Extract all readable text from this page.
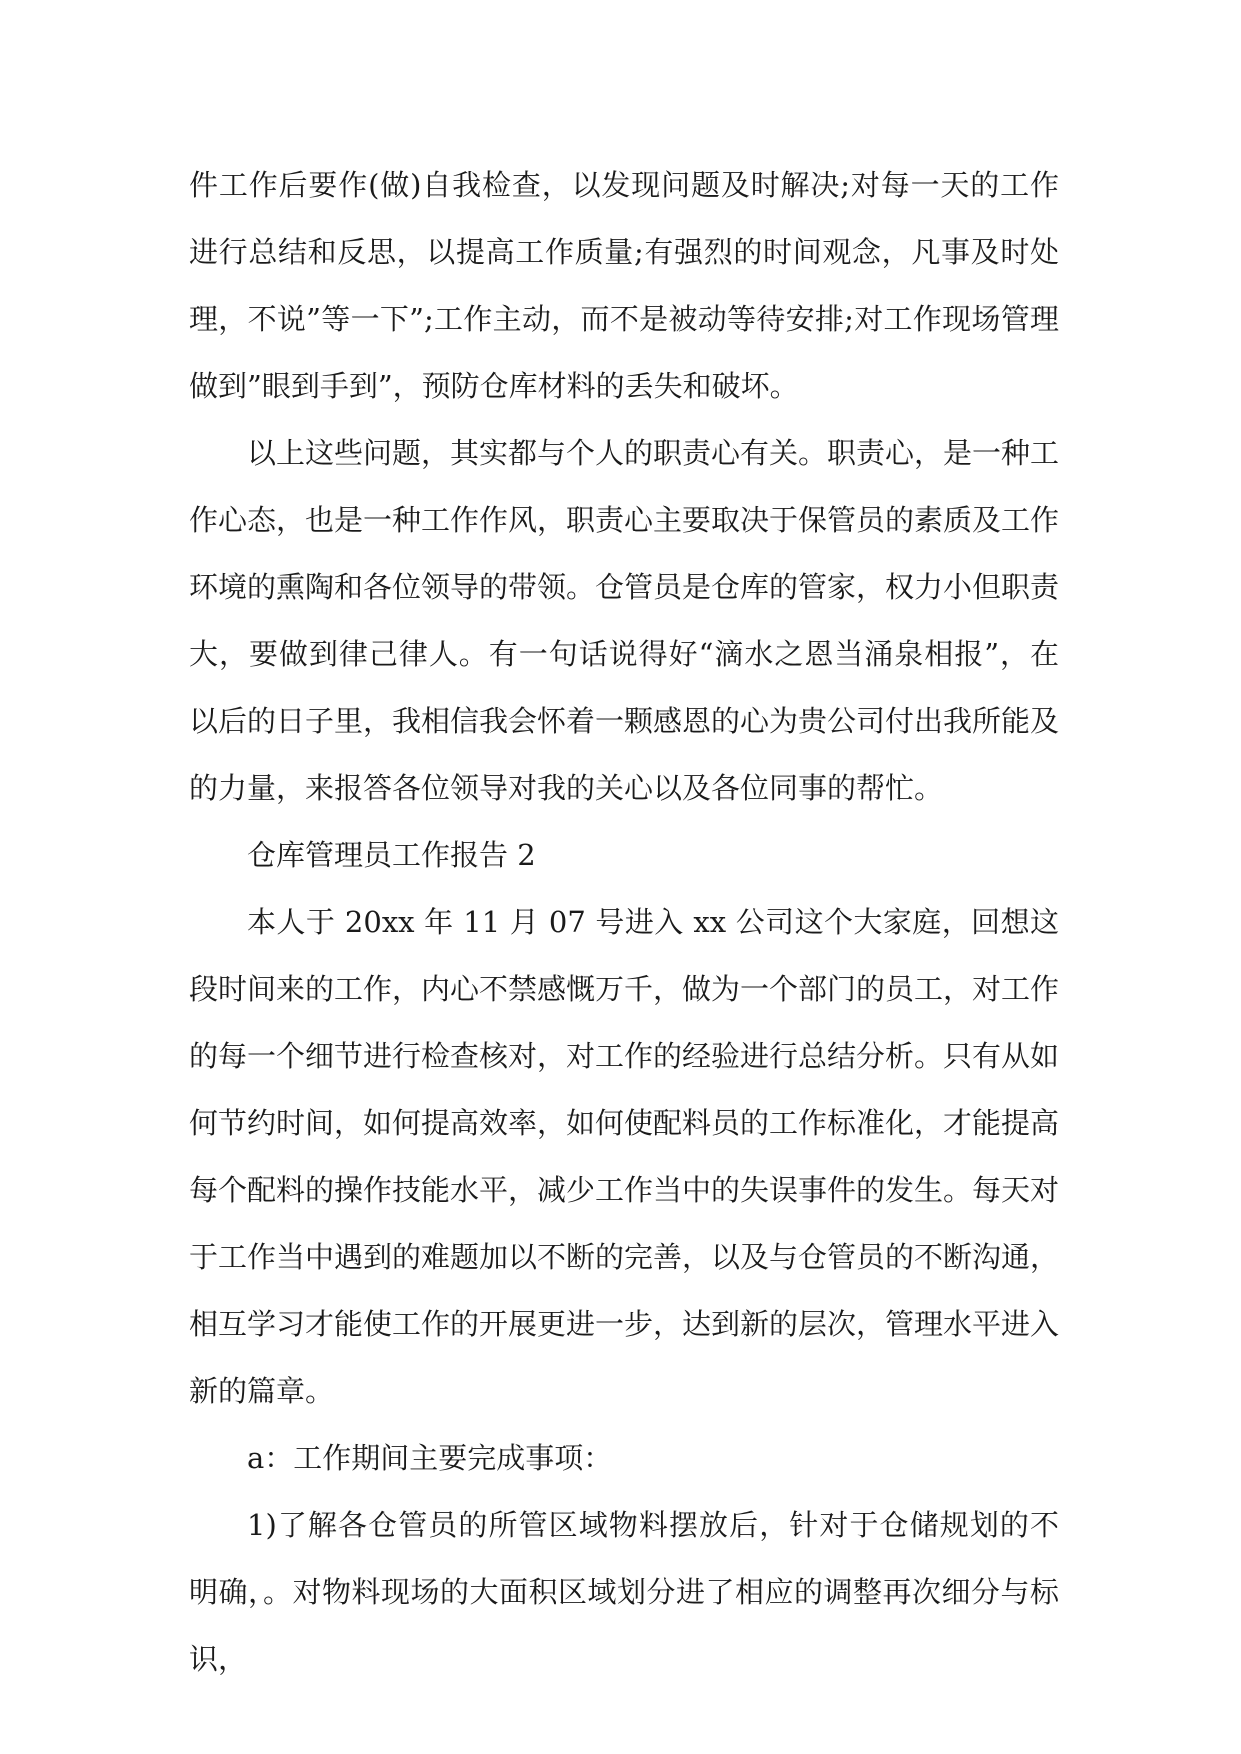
件工作后要作(做)自我检查，以发现问题及时解决;对每一天的工作进行总结和反思，以提高工作质量;有强烈的时间观念，凡事及时处理，不说”等一下”;工作主动，而不是被动等待安排;对工作现场管理做到”眼到手到”，预防仓库材料的丢失和破坏。

以上这些问题，其实都与个人的职责心有关。职责心，是一种工作心态，也是一种工作作风，职责心主要取决于保管员的素质及工作环境的熏陶和各位领导的带领。仓管员是仓库的管家，权力小但职责大，要做到律己律人。有一句话说得好“滴水之恩当涌泉相报”，在以后的日子里，我相信我会怀着一颗感恩的心为贵公司付出我所能及的力量，来报答各位领导对我的关心以及各位同事的帮忙。

仓库管理员工作报告 2

本人于 20xx 年 11 月 07 号进入 xx 公司这个大家庭，回想这段时间来的工作，内心不禁感慨万千，做为一个部门的员工，对工作的每一个细节进行检查核对，对工作的经验进行总结分析。只有从如何节约时间，如何提高效率，如何使配料员的工作标准化，才能提高每个配料的操作技能水平，减少工作当中的失误事件的发生。每天对于工作当中遇到的难题加以不断的完善，以及与仓管员的不断沟通，相互学习才能使工作的开展更进一步，达到新的层次，管理水平进入新的篇章。

a：工作期间主要完成事项：

1)了解各仓管员的所管区域物料摆放后，针对于仓储规划的不明确，。对物料现场的大面积区域划分进了相应的调整再次细分与标识，
